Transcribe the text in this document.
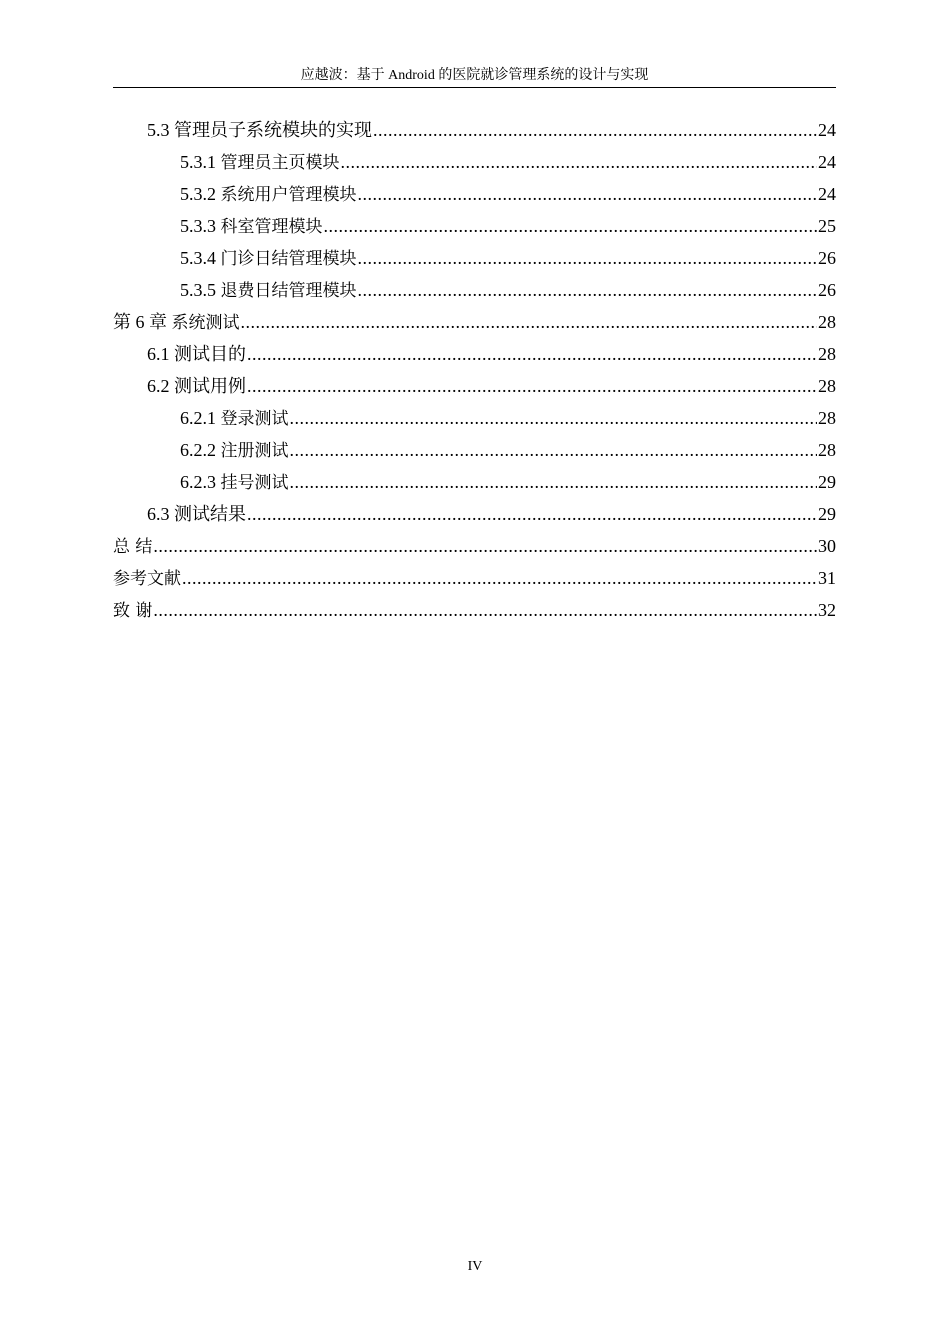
应越波：基于 Android 的医院就诊管理系统的设计与实现
5.3 管理员子系统模块的实现 .....	24
5.3.1 管理员主页模块 .....	24
5.3.2 系统用户管理模块 .....	24
5.3.3 科室管理模块 .....	25
5.3.4 门诊日结管理模块 .....	26
5.3.5 退费日结管理模块 .....	26
第 6 章 系统测试 .....	28
6.1 测试目的 .....	28
6.2 测试用例 .....	28
6.2.1 登录测试 .....	28
6.2.2 注册测试 .....	28
6.2.3 挂号测试 .....	29
6.3 测试结果 .....	29
总 结 .....	30
参考文献 .....	31
致 谢 .....	32
IV
